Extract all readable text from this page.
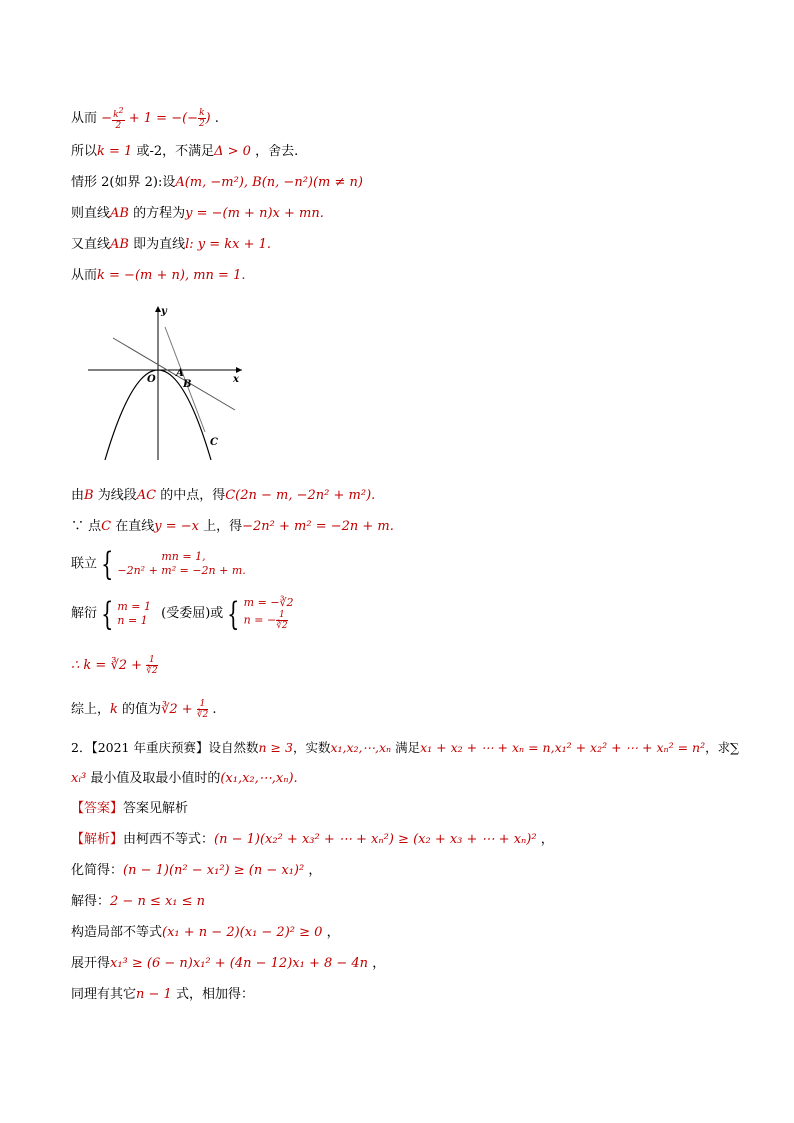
从而 − $\frac{k^2}{2} + 1$ = −(− $\frac{k}{2}$ ) .
所以k = 1 或-2，不满足Δ > 0 ，舍去.
情形 2(如界 2):设A(m, −m²), B(n, −n²)(m ≠ n)
则直线AB 的方程为y = −(m + n)x + mn.
又直线AB 即为直线l: y = kx + 1.
从而k = −(m + n), mn = 1.
y
x
O
A
B
C
由B 为线段AC 的中点，得C(2n − m, −2n² + m²).
∵ 点C 在直线y = −x 上，得−2n² + m² = −2n + m.
联立 {	mn = 1,
−2n² + m² = −2n + m.
解衍 { m = 1
n = 1 (受委屈)或 { m = −∛2
n = − $\frac{1}{∛2}$
∴ k = ∛2 + $\frac{1}{∛2}$
综上，k 的值为∛2 + $\frac{1}{∛2}$ .
2．【2021 年重庆预赛】设自然数n ≥ 3，实数x₁,x₂,⋯,xₙ 满足x₁ + x₂ + ⋯ + xₙ = n,x₁² + x₂² + ⋯ + xₙ² = n²，求∑
xᵢ³ 最小值及取最小值时的(x₁,x₂,⋯,xₙ).
【答案】答案见解析
【解析】由柯西不等式：(n − 1)(x₂² + x₃² + ⋯ + xₙ²) ≥ (x₂ + x₃ + ⋯ + xₙ)² ，
化简得：(n − 1)(n² − x₁²) ≥ (n − x₁)² ，
解得：2 − n ≤ x₁ ≤ n
构造局部不等式(x₁ + n − 2)(x₁ − 2)² ≥ 0 ，
展开得x₁³ ≥ (6 − n)x₁² + (4n − 12)x₁ + 8 − 4n ，
同理有其它n − 1 式，相加得：
